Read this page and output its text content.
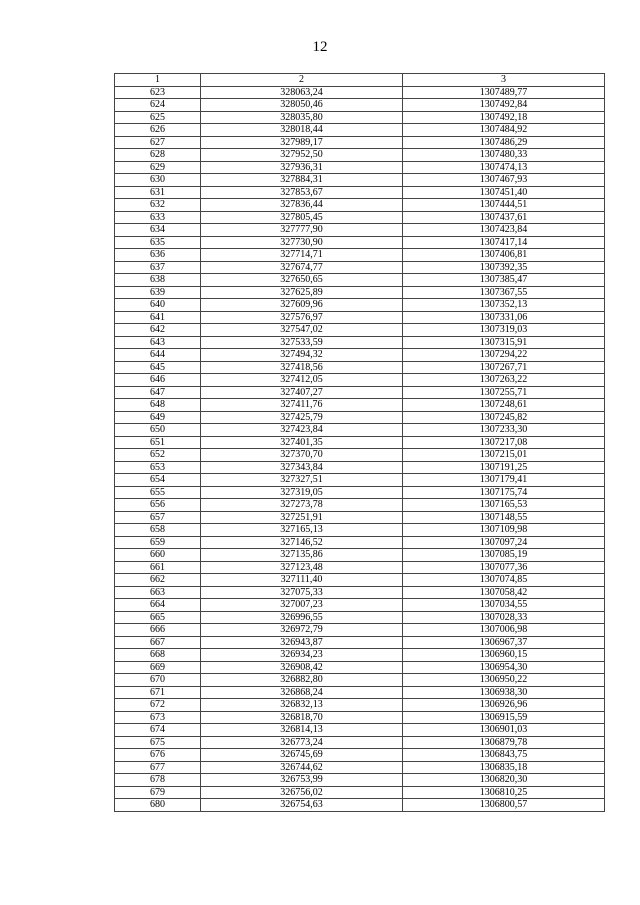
12
1	2	3
623	328063,24	1307489,77
624	328050,46	1307492,84
625	328035,80	1307492,18
626	328018,44	1307484,92
627	327989,17	1307486,29
628	327952,50	1307480,33
629	327936,31	1307474,13
630	327884,31	1307467,93
631	327853,67	1307451,40
632	327836,44	1307444,51
633	327805,45	1307437,61
634	327777,90	1307423,84
635	327730,90	1307417,14
636	327714,71	1307406,81
637	327674,77	1307392,35
638	327650,65	1307385,47
639	327625,89	1307367,55
640	327609,96	1307352,13
641	327576,97	1307331,06
642	327547,02	1307319,03
643	327533,59	1307315,91
644	327494,32	1307294,22
645	327418,56	1307267,71
646	327412,05	1307263,22
647	327407,27	1307255,71
648	327411,76	1307248,61
649	327425,79	1307245,82
650	327423,84	1307233,30
651	327401,35	1307217,08
652	327370,70	1307215,01
653	327343,84	1307191,25
654	327327,51	1307179,41
655	327319,05	1307175,74
656	327273,78	1307165,53
657	327251,91	1307148,55
658	327165,13	1307109,98
659	327146,52	1307097,24
660	327135,86	1307085,19
661	327123,48	1307077,36
662	327111,40	1307074,85
663	327075,33	1307058,42
664	327007,23	1307034,55
665	326996,55	1307028,33
666	326972,79	1307006,98
667	326943,87	1306967,37
668	326934,23	1306960,15
669	326908,42	1306954,30
670	326882,80	1306950,22
671	326868,24	1306938,30
672	326832,13	1306926,96
673	326818,70	1306915,59
674	326814,13	1306901,03
675	326773,24	1306879,78
676	326745,69	1306843,75
677	326744,62	1306835,18
678	326753,99	1306820,30
679	326756,02	1306810,25
680	326754,63	1306800,57
